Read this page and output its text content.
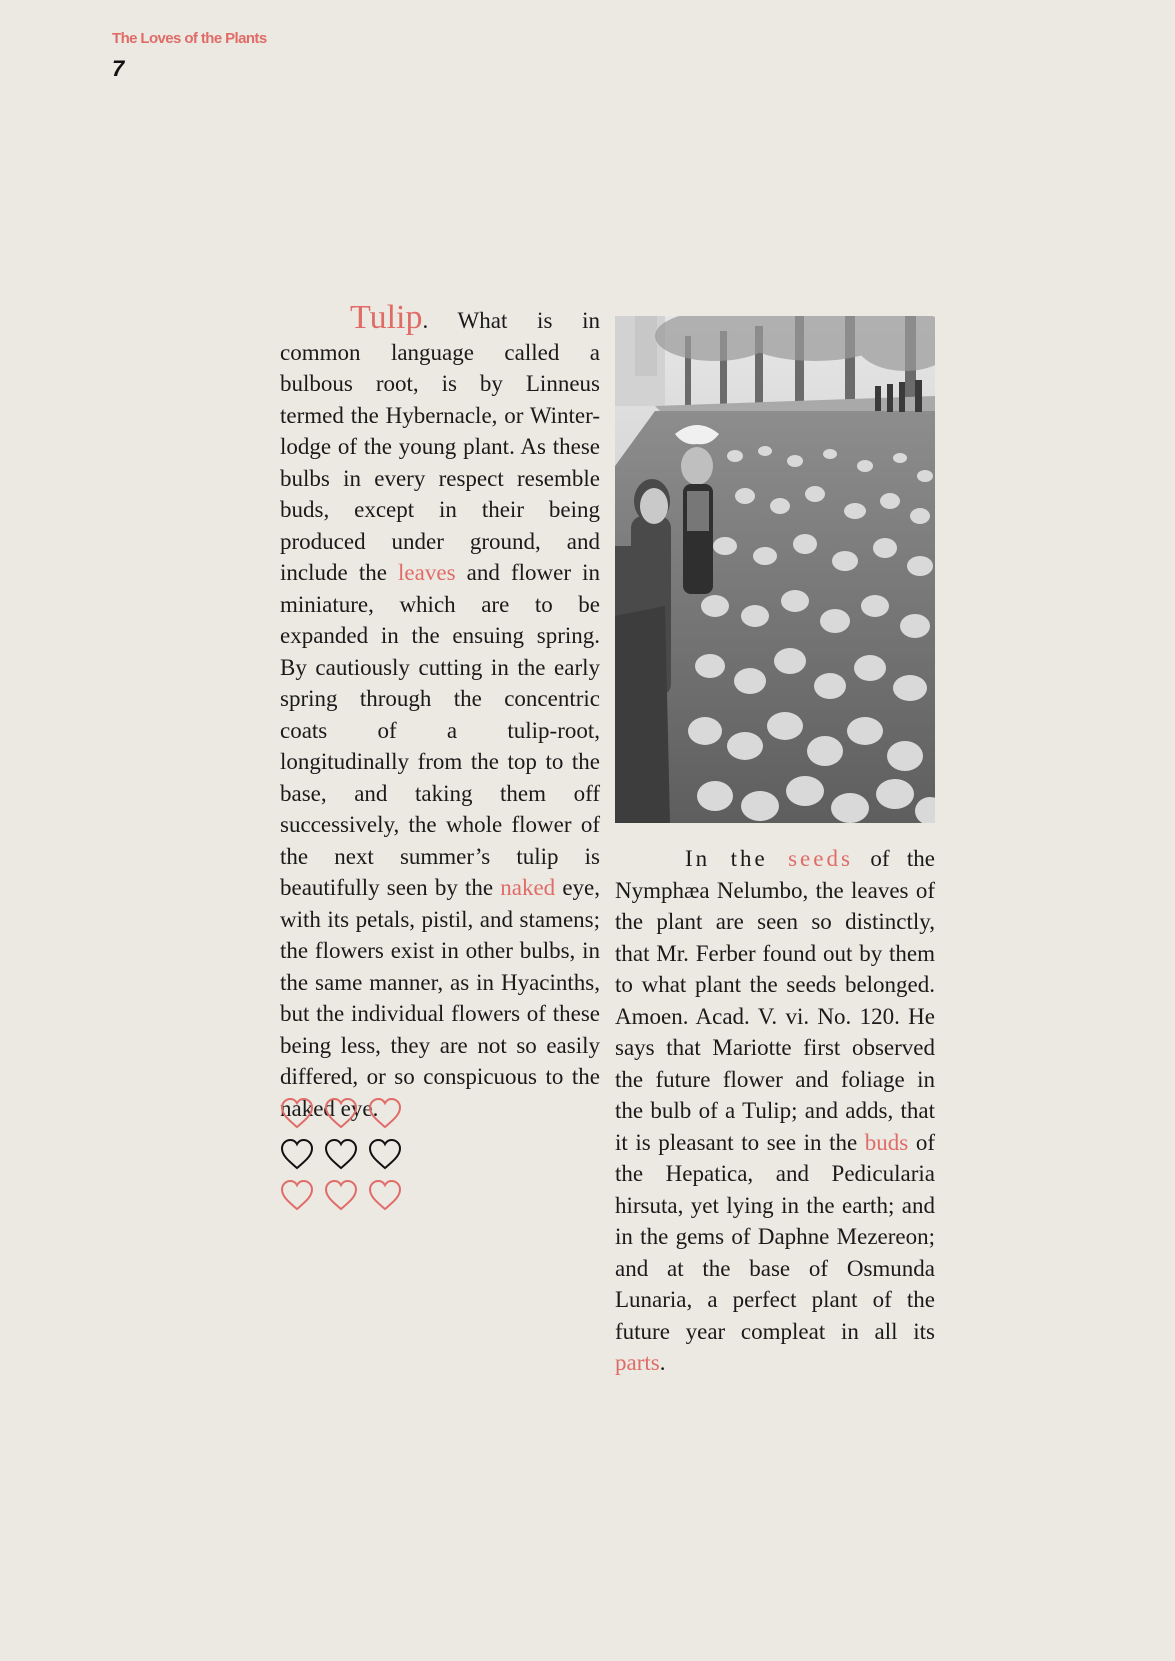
The Loves of the Plants
7
Tulip. What is in common language called a bulbous root, is by Linneus termed the Hybernacle, or Winter-lodge of the young plant. As these bulbs in every respect resemble buds, except in their being produced under ground, and include the leaves and flower in miniature, which are to be expanded in the ensuing spring. By cautiously cutting in the early spring through the concentric coats of a tulip-root, longitudinally from the top to the base, and taking them off successively, the whole flower of the next summer’s tulip is beautifully seen by the naked eye, with its petals, pistil, and stamens; the flowers exist in other bulbs, in the same manner, as in Hyacinths, but the individual flowers of these being less, they are not so easily differed, or so conspicuous to the naked eye.
In the seeds of the Nymphæa Nelumbo, the leaves of the plant are seen so distinctly, that Mr. Ferber found out by them to what plant the seeds belonged. Amoen. Acad. V. vi. No. 120. He says that Mariotte first observed the future flower and foliage in the bulb of a Tulip; and adds, that it is pleasant to see in the buds of the Hepatica, and Pedicularia hirsuta, yet lying in the earth; and in the gems of Daphne Mezereon; and at the base of Osmunda Lunaria, a perfect plant of the future year compleat in all its parts.
